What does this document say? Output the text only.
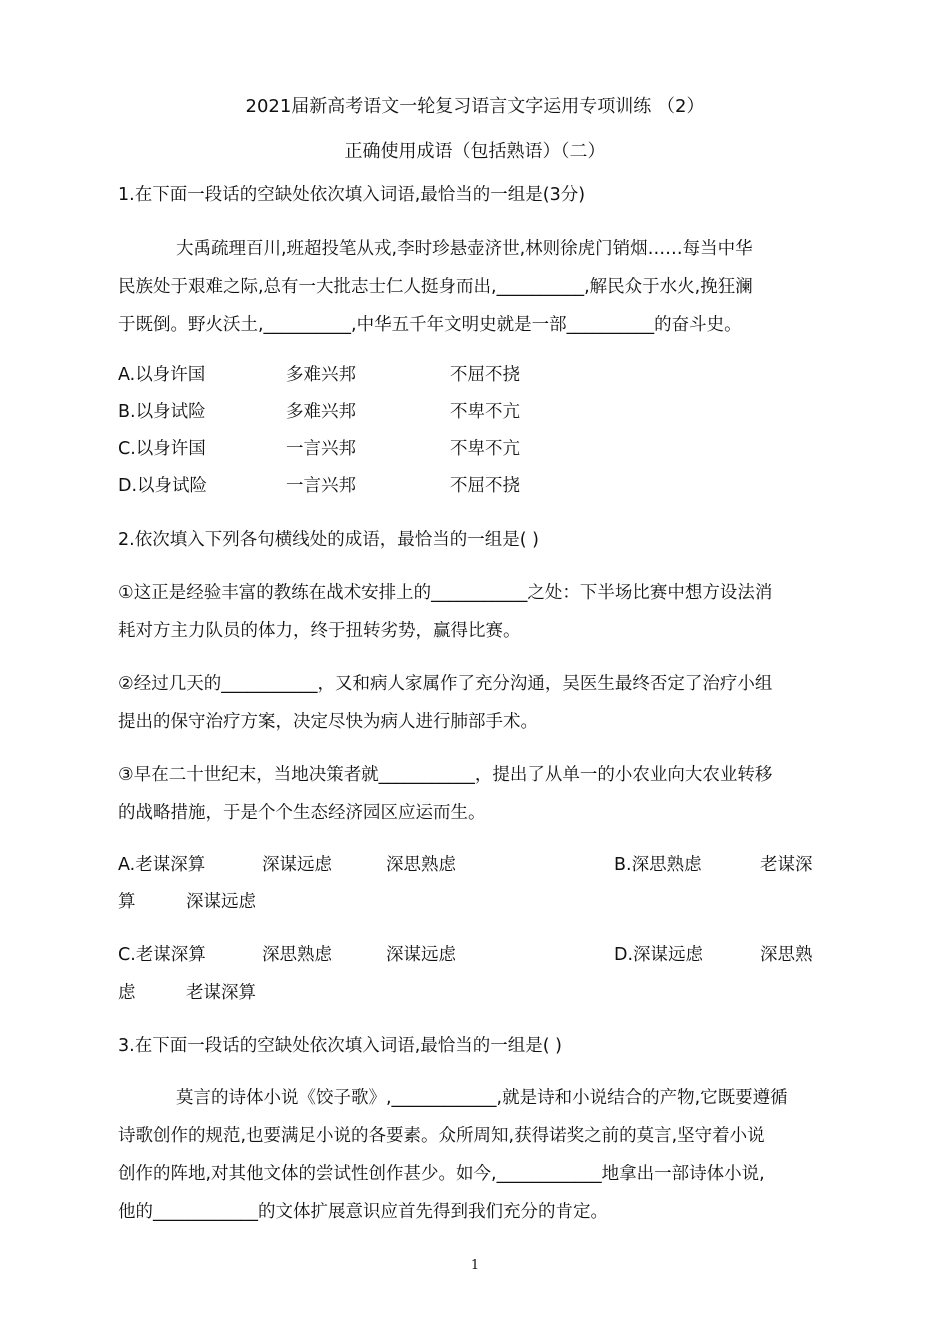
2021届新高考语文一轮复习语言文字运用专项训练 （2）
正确使用成语（包括熟语）（二）
1.在下面一段话的空缺处依次填入词语,最恰当的一组是(3分)
大禹疏理百川,班超投笔从戎,李时珍悬壶济世,林则徐虎门销烟……每当中华
民族处于艰难之际,总有一大批志士仁人挺身而出,__________,解民众于水火,挽狂澜
于既倒。野火沃土,__________,中华五千年文明史就是一部__________的奋斗史。
A.以身许国	多难兴邦	不屈不挠
B.以身试险	多难兴邦	不卑不亢
C.以身许国	一言兴邦	不卑不亢
D.以身试险	一言兴邦	不屈不挠
2.依次填入下列各句横线处的成语，最恰当的一组是( )
①这正是经验丰富的教练在战术安排上的___________之处：下半场比赛中想方设法消
耗对方主力队员的体力，终于扭转劣势，赢得比赛。
②经过几天的___________，又和病人家属作了充分沟通，吴医生最终否定了治疗小组
提出的保守治疗方案，决定尽快为病人进行肺部手术。
③早在二十世纪末，当地决策者就___________，提出了从单一的小农业向大农业转移
的战略措施，于是个个生态经济园区应运而生。
A.老谋深算	深谋远虑	深思熟虑	B.深思熟虑	老谋深
算	深谋远虑
C.老谋深算	深思熟虑	深谋远虑	D.深谋远虑	深思熟
虑	老谋深算
3.在下面一段话的空缺处依次填入词语,最恰当的一组是( )
莫言的诗体小说《饺子歌》,____________,就是诗和小说结合的产物,它既要遵循
诗歌创作的规范,也要满足小说的各要素。众所周知,获得诺奖之前的莫言,坚守着小说
创作的阵地,对其他文体的尝试性创作甚少。如今,____________地拿出一部诗体小说,
他的____________的文体扩展意识应首先得到我们充分的肯定。
1
